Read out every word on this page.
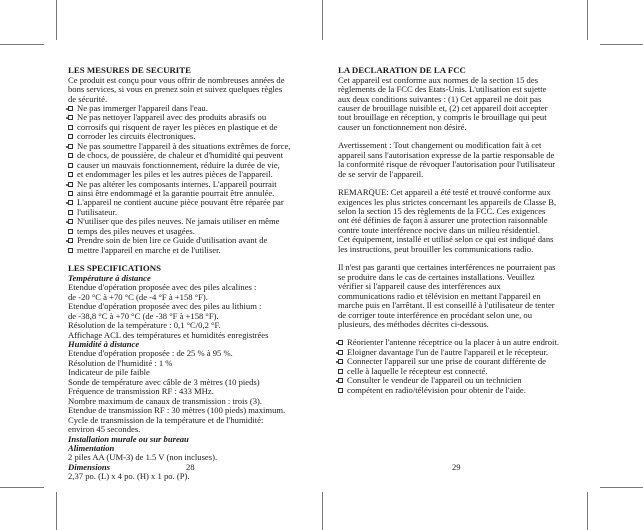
LES MESURES DE SECURITE

Ce produit est conçu pour vous offrir de nombreuses années de
bons services, si vous en prenez soin et suivez quelques règles
de sécurité.
Ne pas immerger l'appareil dans l'eau.
Ne pas nettoyer l'appareil avec des produits abrasifs ou
corrosifs qui risquent de rayer les pièces en plastique et de
corroder les circuits électroniques.
Ne pas soumettre l'appareil à des situations extrêmes de force,
de chocs, de poussière, de chaleur et d'humidité qui peuvent
causer un mauvais fonctionnement, réduire la durée de vie,
et endommager les piles et les autres pièces de l'appareil.
Ne pas altérer les composants internes. L'appareil pourrait
ainsi être endommagé et la garantie pourrait être annulée.
L'appareil ne contient aucune pièce pouvant être réparée par
l'utilisateur.
N'utiliser que des piles neuves. Ne jamais utiliser en même
temps des piles neuves et usagées.
Prendre soin de bien lire ce Guide d'utilisation avant de
mettre l'appareil en marche et de l'utiliser.

LES SPECIFICATIONS

Température à distance

Etendue d'opération proposée avec des piles alcalines :
de -20 °C à +70 °C (de -4 °F à +158 °F).
Etendue d'opération proposée avec des piles au lithium :
de -38,8 °C à +70 °C (de -38 °F à +158 °F).
Résolution de la température : 0,1 °C/0,2 °F.
Affichage ACL des températures et humidités enregistrées

Humidité à distance

Etendue d'opération proposée : de 25 % à 95 %.
Résolution de l'humidité : 1 %
Indicateur de pile faible
Sonde de température avec câble de 3 mètres (10 pieds)
Fréquence de transmission RF : 433 MHz.
Nombre maximum de canaux de transmission : trois (3).
Etendue de transmission RF : 30 mètres (100 pieds) maximum.
Cycle de transmission de la température et de l'humidité:
environ 45 secondes.

Installation murale ou sur bureau

Alimentation

2 piles AA (UM-3) de 1.5 V (non incluses).

Dimensions

2,37 po. (L) x 4 po. (H) x 1 po. (P).
28

LA DECLARATION DE LA FCC

Cet appareil est conforme aux normes de la section 15 des
règlements de la FCC des Etats-Unis. L'utilisation est sujette
aux deux conditions suivantes : (1) Cet appareil ne doit pas
causer de brouillage nuisible et, (2) cet appareil doit accepter
tout brouillage en réception, y compris le brouillage qui peut
causer un fonctionnement non désiré.
Avertissement : Tout changement ou modification fait à cet
appareil sans l'autorisation expresse de la partie responsable de
la conformité risque de révoquer l'autorisation pour l'utilisateur
de se servir de l'appareil.
REMARQUE: Cet appareil a été testé et trouvé conforme aux
exigences les plus strictes concernant les appareils de Classe B,
selon la section 15 des règlements de la FCC. Ces exigences
ont été définies de façon à assurer une protection raisonnable
contre toute interférence nocive dans un milieu résidentiel.
Cet équipement, installé et utilisé selon ce qui est indiqué dans
les instructions, peut brouiller les communications radio.
Il n'est pas garanti que certaines interférences ne pourraient pas
se produire dans le cas de certaines installations. Veuillez
vérifier si l'appareil cause des interférences aux
communications radio et télévision en mettant l'appareil en
marche puis en l'arrêtant. Il est conseillé à l'utilisateur de tenter
de corriger toute interférence en procédant selon une, ou
plusieurs, des méthodes décrites ci-dessous.
Réorienter l'antenne réceptrice ou la placer à un autre endroit.
Eloigner davantage l'un de l'autre l'appareil et le récepteur.
Connecter l'appareil sur une prise de courant différente de
celle à laquelle le récepteur est connecté.
Consulter le vendeur de l'appareil ou un technicien
compétent en radio/télévision pour obtenir de l'aide.
29
